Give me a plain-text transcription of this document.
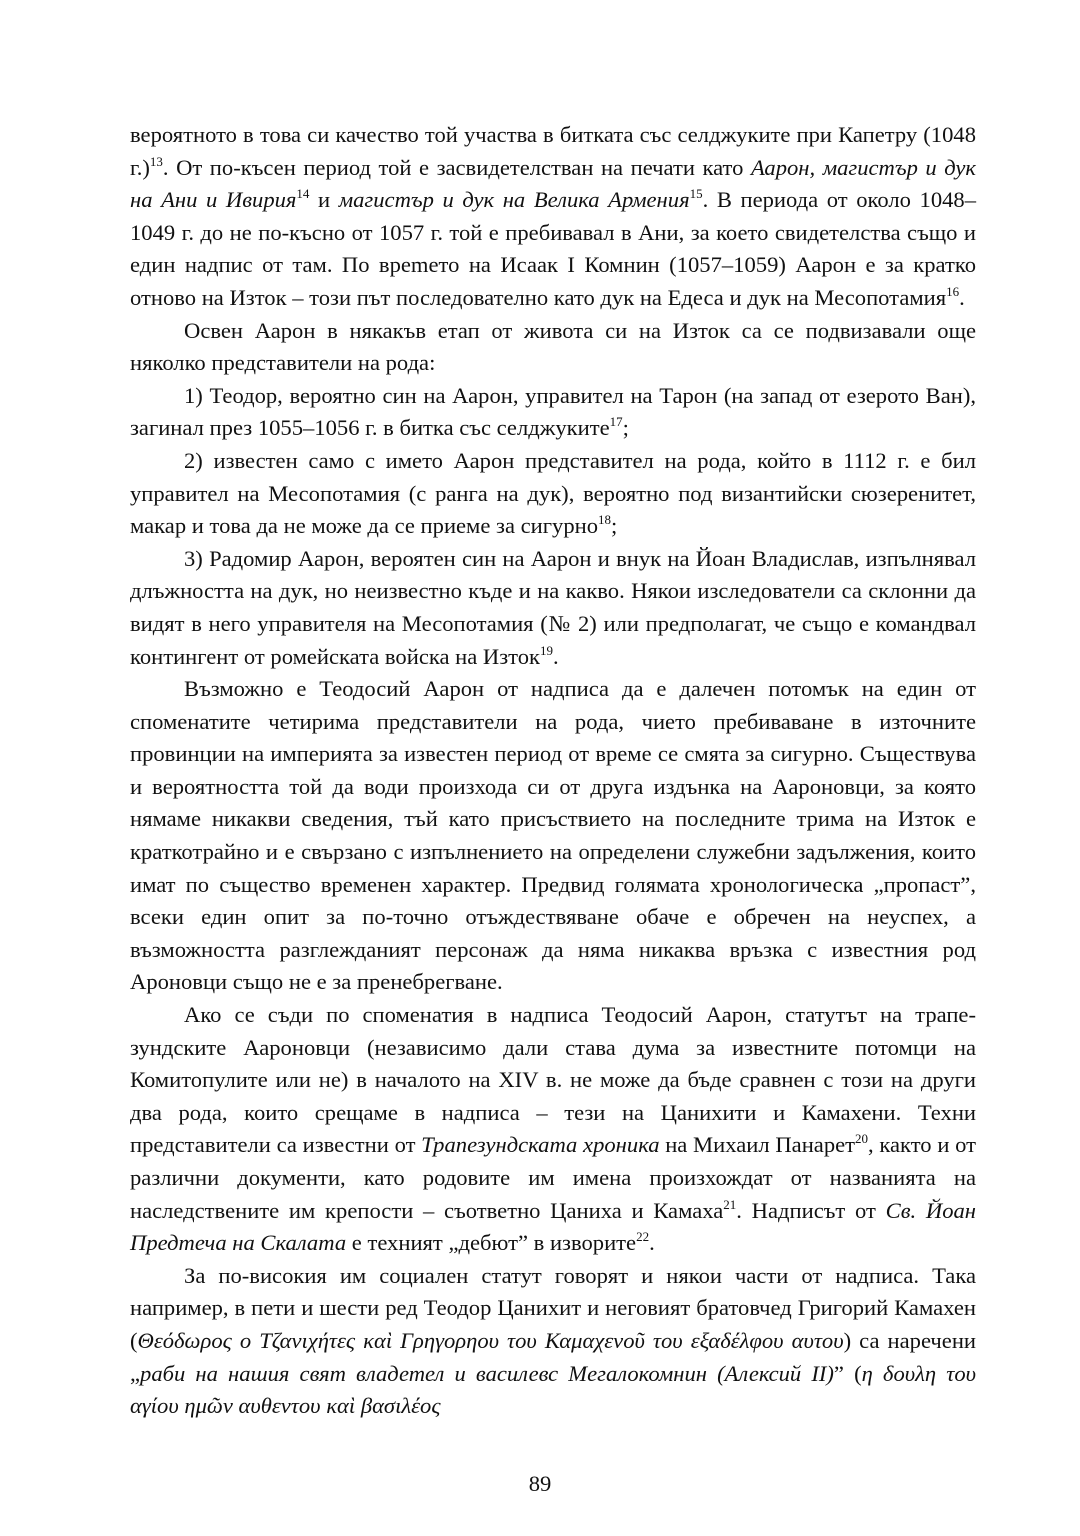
вероятното в това си качество той участва в битката със селджуките при Капетру (1048 г.)$^{13}$. От по-късен период той е засвидетелстван на печати като Аарон, магистър и дук на Ани и Ивирия$^{14}$ и магистър и дук на Велика Армения$^{15}$. В периода от около 1048–1049 г. до не по-късно от 1057 г. той е пребивавал в Ани, за което свидетелства също и един надпис от там. По вреmето на Исаак I Комнин (1057–1059) Аарон е за кратко отново на Изток – този път последователно като дук на Едеса и дук на Месопотамия$^{16}$.

Освен Аарон в някакъв етап от живота си на Изток са се подвизавали още няколко представители на рода:

1) Теодор, вероятно син на Аарон, управител на Тарон (на запад от езерото Ван), загинал през 1055–1056 г. в битка със селджуките$^{17}$;

2) известен само с името Аарон представител на рода, който в 1112 г. е бил управител на Месопотамия (с ранга на дук), вероятно под византийски сюзеренитет, макар и това да не може да се приеме за сигурно$^{18}$;

3) Радомир Аарон, вероятен син на Аарон и внук на Йоан Владислав, изпълнявал длъжността на дук, но неизвестно къде и на какво. Някои изследователи са склонни да видят в него управителя на Месопотамия (№ 2) или предполагат, че също е командвал контингент от ромейската войска на Изток$^{19}$.

Възможно е Теодосий Аарон от надписа да е далечен потомък на един от споменатите четирима представители на рода, чието пребиваване в източните провинции на империята за известен период от време се смята за сигурно. Съществува и вероятността той да води произхода си от друга издънка на Аароновци, за която нямаме никакви сведения, тъй като присъствието на последните трима на Изток е краткотрайно и е свързано с изпълнението на определени служебни задължения, които имат по същество временен характер. Предвид голямата хронологическа „пропаст”, всеки един опит за по-точно отъждествяване обаче е обречен на неуспех, а възможността разглежданият персонаж да няма никаква връзка с известния род Ароновци също не е за пренебрегване.

Ако се съди по споменатия в надписа Теодосий Аарон, статутът на трапезундските Аароновци (независимо дали става дума за известните потомци на Комитопулите или не) в началото на XIV в. не може да бъде сравнен с този на други два рода, които срещаме в надписа – тези на Цанихити и Камахени. Техни представители са известни от Трапезундската хроника на Михаил Панарет$^{20}$, както и от различни документи, като родовите им имена произхождат от названията на наследствените им крепости – съответно Цаниха и Камаха$^{21}$. Надписът от Св. Йоан Предтеча на Скалата е техният „дебют” в изворите$^{22}$.

За по-високия им социален статут говорят и някои части от надписа. Така например, в пети и шести ред Теодор Цанихит и неговият братовчед Григорий Камахен (Θεόδωρος ο Τζανιχήτες καὶ Γρηγορηου του Καμαχενοῦ του εξαδέλφου αυτου) са наречени „раби на нашия свят владетел и василевс Μегалокомнин (Алексий II)” (η δουλη του αγίου ημῶν αυθεντου καὶ βασιλέος

89
